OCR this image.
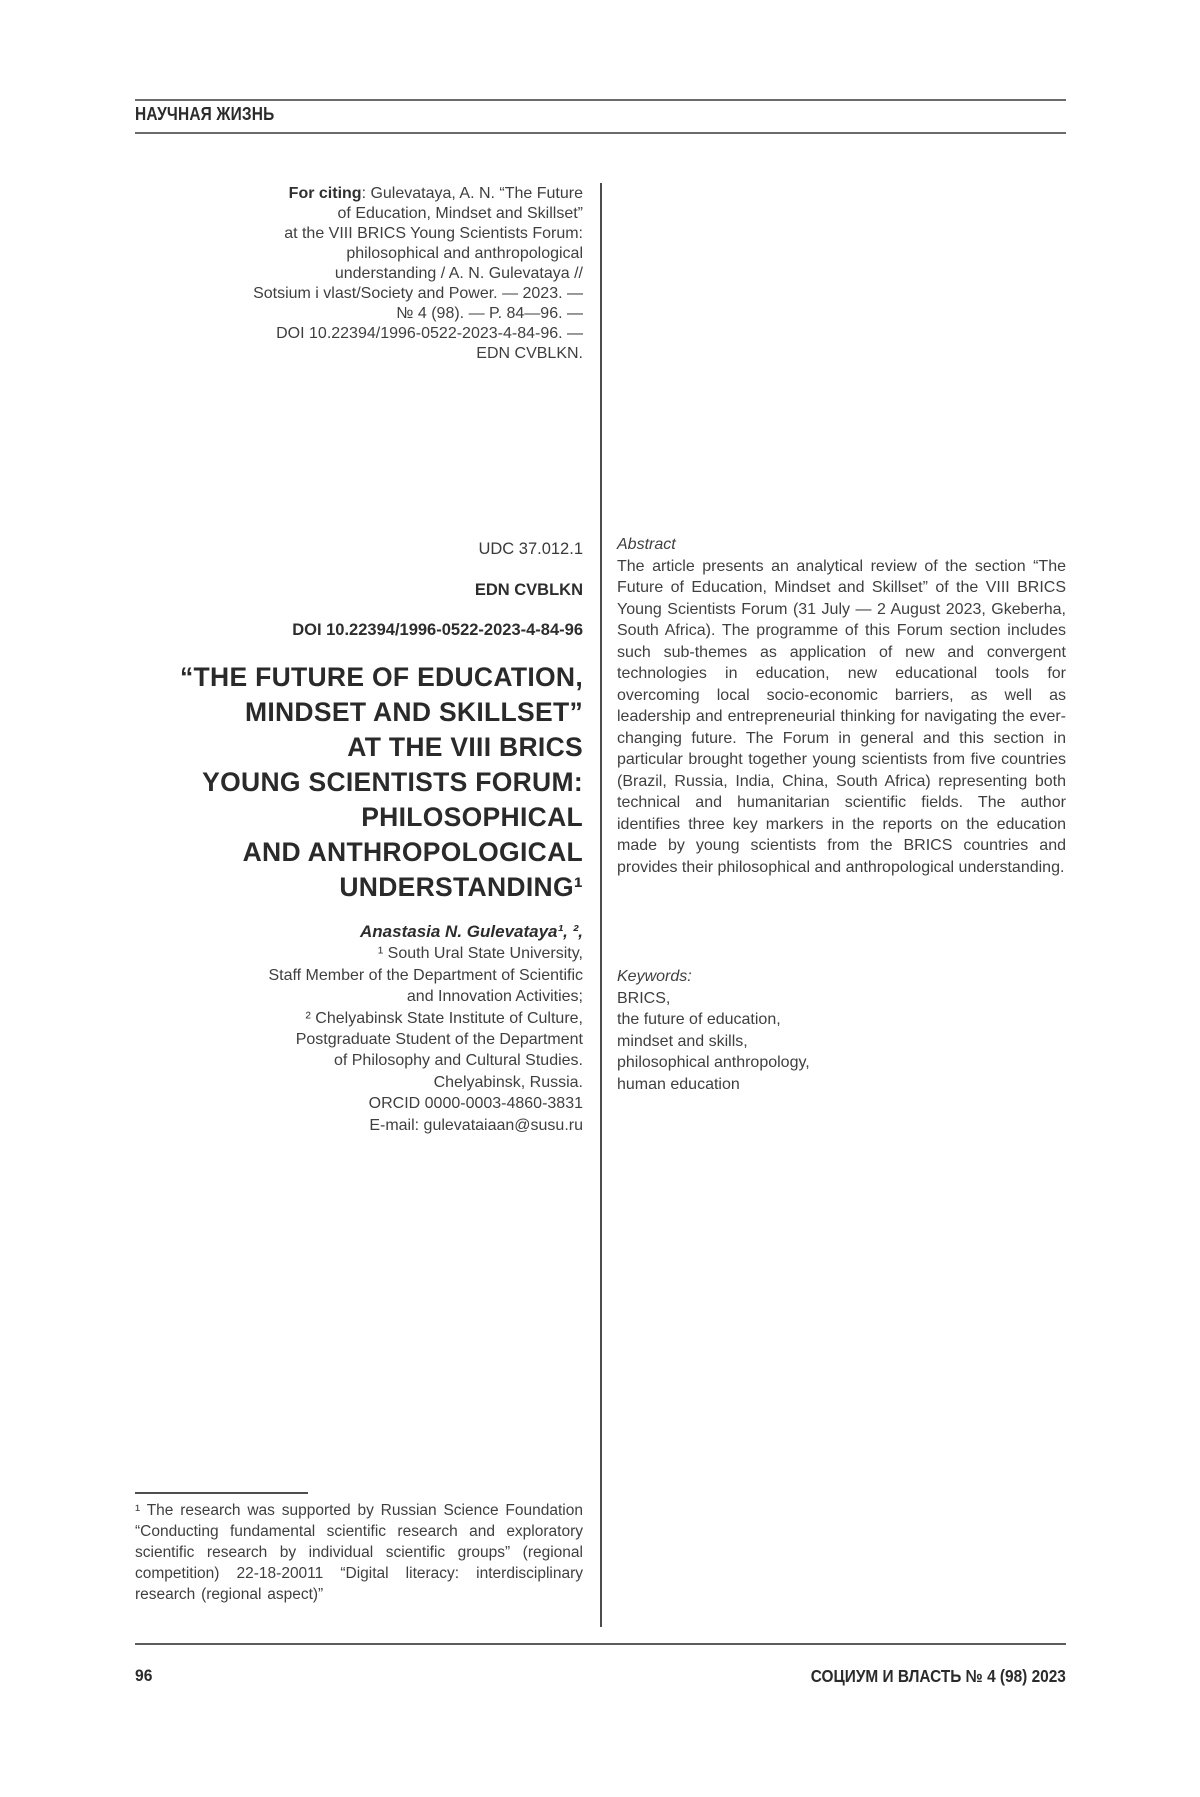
НАУЧНАЯ ЖИЗНЬ
For citing: Gulevataya, A. N. “The Future
of Education, Mindset and Skillset”
at the VIII BRICS Young Scientists Forum:
philosophical and anthropological
understanding / A. N. Gulevataya //
Sotsium i vlast/Society and Power. — 2023. —
№ 4 (98). — P. 84—96. —
DOI 10.22394/1996-0522-2023-4-84-96. —
EDN CVBLKN.
UDC 37.012.1
EDN CVBLKN
DOI 10.22394/1996-0522-2023-4-84-96
“THE FUTURE OF EDUCATION,
MINDSET AND SKILLSET”
AT THE VIII BRICS
YOUNG SCIENTISTS FORUM:
PHILOSOPHICAL
AND ANTHROPOLOGICAL
UNDERSTANDING¹
Anastasia N. Gulevataya¹, ²,
¹ South Ural State University,
Staff Member of the Department of Scientific
and Innovation Activities;
² Chelyabinsk State Institute of Culture,
Postgraduate Student of the Department
of Philosophy and Cultural Studies.
Chelyabinsk, Russia.
ORCID 0000-0003-4860-3831
E-mail: gulevataiaan@susu.ru
Abstract

The article presents an analytical review of the section “The Future of Education, Mindset and Skillset” of the VIII BRICS Young Scientists Forum (31 July — 2 August 2023, Gkeberha, South Africa). The programme of this Forum section includes such sub-themes as application of new and convergent technologies in education, new educational tools for overcoming local socio-economic barriers, as well as leadership and entrepreneurial thinking for navigating the ever-changing future. The Forum in general and this section in particular brought together young scientists from five countries (Brazil, Russia, India, China, South Africa) representing both technical and humanitarian scientific fields. The author identifies three key markers in the reports on the education made by young scientists from the BRICS countries and provides their philosophical and anthropological understanding.

Keywords:
BRICS,
the future of education,
mindset and skills,
philosophical anthropology,
human education

¹ The research was supported by Russian Science Foundation “Conducting fundamental scientific research and exploratory scientific research by individual scientific groups” (regional competition) 22-18-20011 “Digital literacy: interdisciplinary research (regional aspect)”

96	СОЦИУМ И ВЛАСТЬ № 4 (98) 2023
